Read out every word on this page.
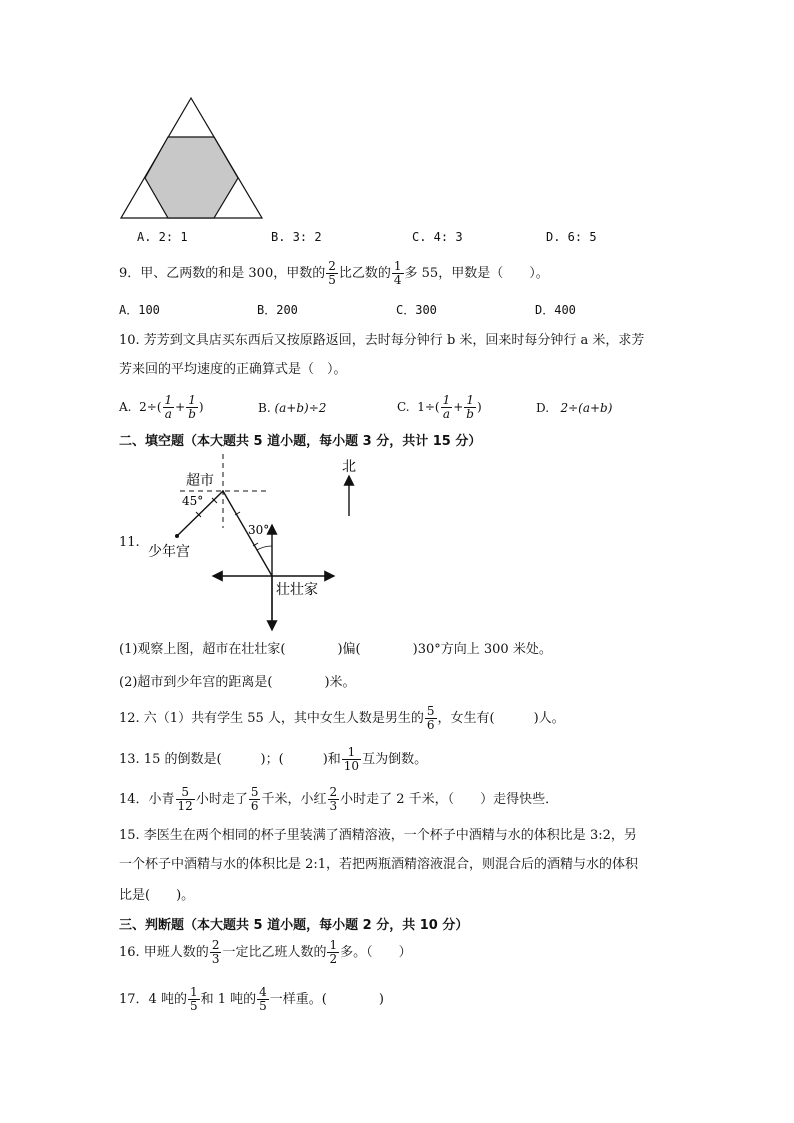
A. 2: 1	B. 3: 2	C. 4: 3	D. 6: 5
9．甲、乙两数的和是 300，甲数的 $\frac{2}{5}$ 比乙数的 $\frac{1}{4}$ 多 55，甲数是（　　）。
A．100	B．200	C．300	D．400
10. 芳芳到文具店买东西后又按原路返回，去时每分钟行 b 米，回来时每分钟行 a 米，求芳
芳来回的平均速度的正确算式是（　）。
A. $2\div( \frac{1}{a} + \frac{1}{b}$ )	B. (a+b)÷2	C. $1\div( \frac{1}{a} + \frac{1}{b}$ )	D. 2÷(a+b)
二、填空题（本大题共 5 道小题，每小题 3 分，共计 15 分）
11.
超市
45°
少年宫
北
30°
壮壮家
(1)观察上图，超市在壮壮家(　　　　)偏(　　　　)30°方向上 300 米处。
(2)超市到少年宫的距离是(　　　　)米。
12. 六（1）共有学生 55 人，其中女生人数是男生的 $\frac{5}{6}$ ，女生有(　　　)人。
13. 15 的倒数是(　　　)；(　　　)和 $\frac{1}{10}$ 互为倒数。
14．小青 $\frac{5}{12}$ 小时走了 $\frac{5}{6}$ 千米，小红 $\frac{2}{3}$ 小时走了 2 千米，（　　）走得快些．
15. 李医生在两个相同的杯子里装满了酒精溶液，一个杯子中酒精与水的体积比是 3:2，另
一个杯子中酒精与水的体积比是 2:1，若把两瓶酒精溶液混合，则混合后的酒精与水的体积
比是(　　)。
三、判断题（本大题共 5 道小题，每小题 2 分，共 10 分）
16. 甲班人数的 $\frac{2}{3}$ 一定比乙班人数的 $\frac{1}{2}$ 多。（　　）
17．4 吨的 $\frac{1}{5}$ 和 1 吨的 $\frac{4}{5}$ 一样重。(　　　　)
